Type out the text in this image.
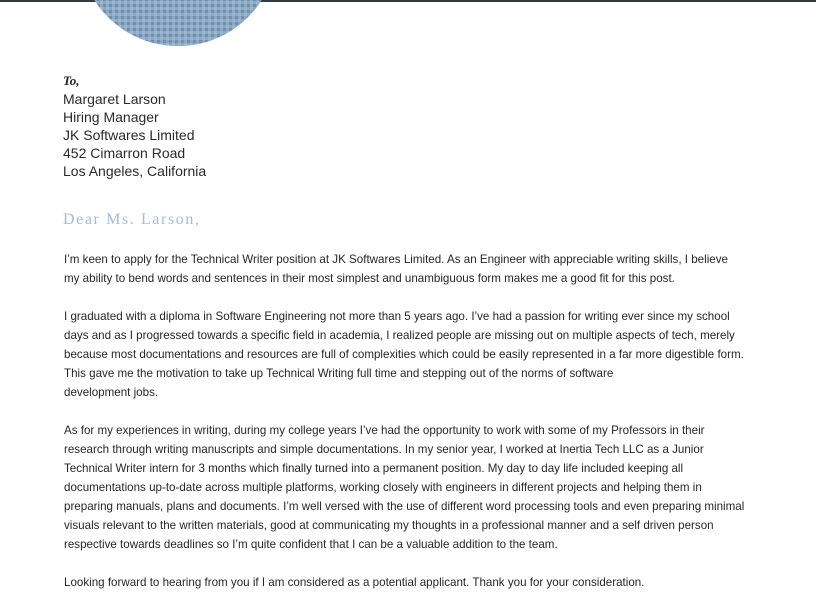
To,
Margaret Larson
Hiring Manager
JK Softwares Limited
452 Cimarron Road
Los Angeles, California
Dear Ms. Larson,

I’m keen to apply for the Technical Writer position at JK Softwares Limited. As an Engineer with appreciable writing skills, I believe
my ability to bend words and sentences in their most simplest and unambiguous form makes me a good fit for this post.

I graduated with a diploma in Software Engineering not more than 5 years ago. I’ve had a passion for writing ever since my school
days and as I progressed towards a specific field in academia, I realized people are missing out on multiple aspects of tech, merely
because most documentations and resources are full of complexities which could be easily represented in a far more digestible form.
This gave me the motivation to take up Technical Writing full time and stepping out of the norms of software
development jobs.

As for my experiences in writing, during my college years I’ve had the opportunity to work with some of my Professors in their
research through writing manuscripts and simple documentations. In my senior year, I worked at Inertia Tech LLC as a Junior
Technical Writer intern for 3 months which finally turned into a permanent position. My day to day life included keeping all
documentations up-to-date across multiple platforms, working closely with engineers in different projects and helping them in
preparing manuals, plans and documents. I’m well versed with the use of different word processing tools and even preparing minimal
visuals relevant to the written materials, good at communicating my thoughts in a professional manner and a self driven person
respective towards deadlines so I’m quite confident that I can be a valuable addition to the team.

Looking forward to hearing from you if I am considered as a potential applicant. Thank you for your consideration.
